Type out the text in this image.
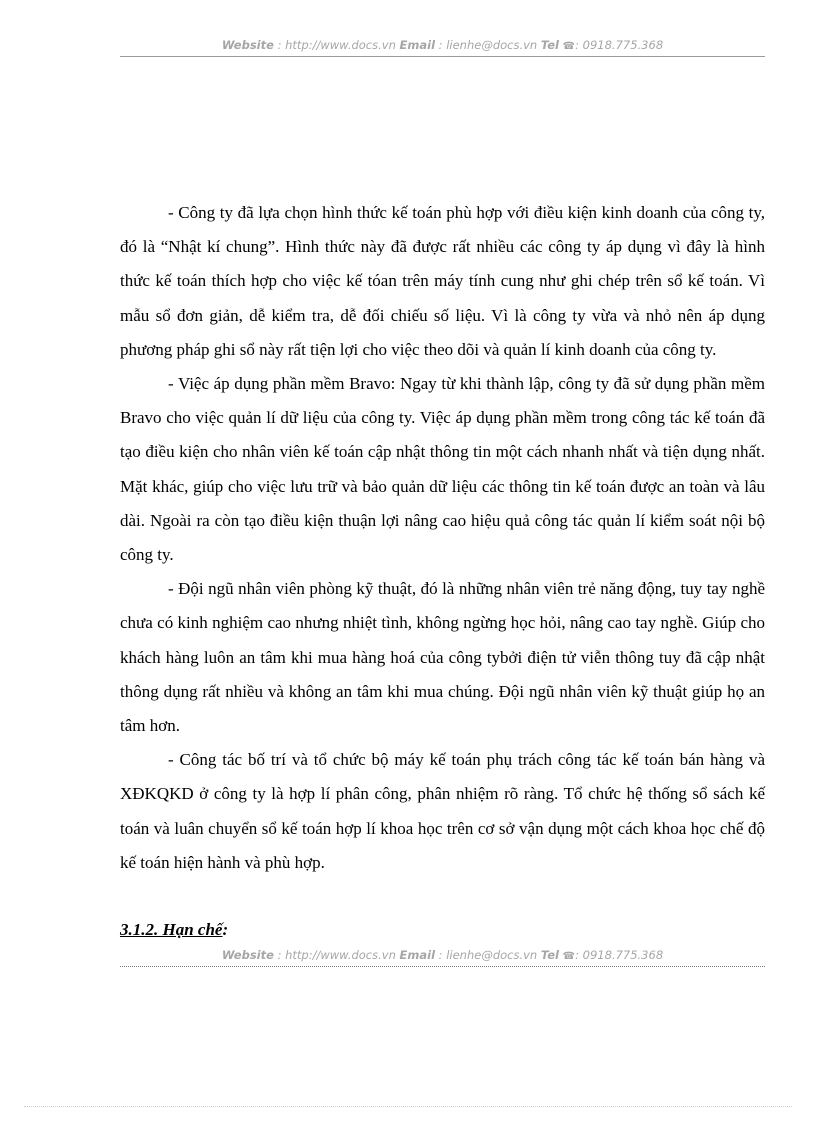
Website : http://www.docs.vn Email : lienhe@docs.vn Tel ☎: 0918.775.368

- Công ty đã lựa chọn hình thức kế toán phù hợp với điều kiện kinh doanh của công ty, đó là “Nhật kí chung”. Hình thức này đã được rất nhiều các công ty áp dụng vì đây là hình thức kế toán thích hợp cho việc kế tóan trên máy tính cung như ghi chép trên sổ kế toán. Vì mẫu sổ đơn giản, dễ kiểm tra, dễ đối chiếu số liệu. Vì là công ty vừa và nhỏ nên áp dụng phương pháp ghi sổ này rất tiện lợi cho việc theo dõi và quản lí kinh doanh của công ty.

- Việc áp dụng phần mềm Bravo: Ngay từ khi thành lập, công ty đã sử dụng phần mềm Bravo cho việc quản lí dữ liệu của công ty. Việc áp dụng phần mềm trong công tác kế toán đã tạo điều kiện cho nhân viên kế toán cập nhật thông tin một cách nhanh nhất và tiện dụng nhất. Mặt khác, giúp cho việc lưu trữ và bảo quản dữ liệu các thông tin kế toán được an toàn và lâu dài. Ngoài ra còn tạo điều kiện thuận lợi nâng cao hiệu quả công tác quản lí kiểm soát nội bộ công ty.

- Đội ngũ nhân viên phòng kỹ thuật, đó là những nhân viên trẻ năng động, tuy tay nghề chưa có kinh nghiệm cao nhưng nhiệt tình, không ngừng học hỏi, nâng cao tay nghề. Giúp cho khách hàng luôn an tâm khi mua hàng hoá của công tybởi điện tử viễn thông tuy đã cập nhật thông dụng rất nhiều và không an tâm khi mua chúng. Đội ngũ nhân viên kỹ thuật giúp họ an tâm hơn.

- Công tác bố trí và tổ chức bộ máy kế toán phụ trách công tác kế toán bán hàng và XĐKQKD ở công ty là hợp lí phân công, phân nhiệm rõ ràng. Tổ chức hệ thống sổ sách kế toán và luân chuyển sổ kế toán hợp lí khoa học trên cơ sở vận dụng một cách khoa học chế độ kế toán hiện hành và phù hợp.

3.1.2. Hạn chế:
Website : http://www.docs.vn Email : lienhe@docs.vn Tel ☎: 0918.775.368
